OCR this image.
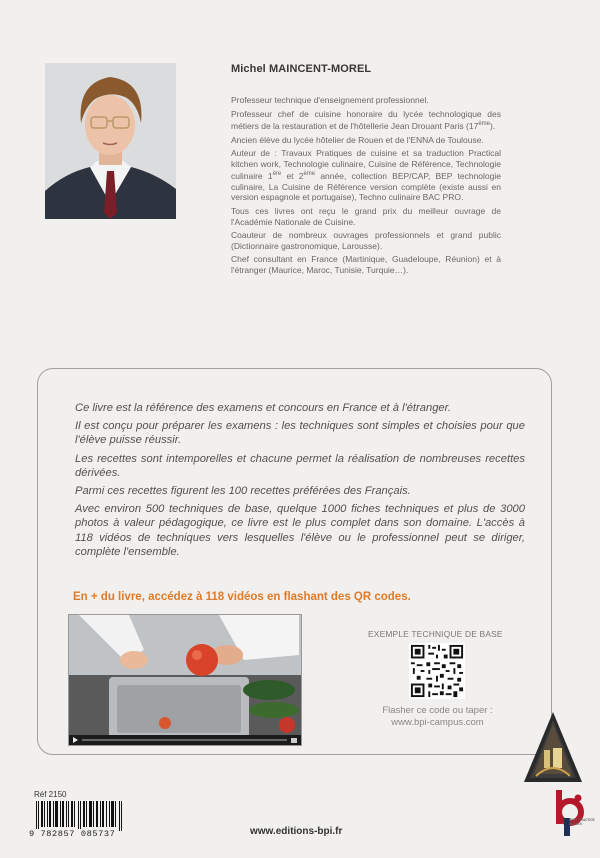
Michel MAINCENT-MOREL

Professeur technique d'enseignement professionnel.

Professeur chef de cuisine honoraire du lycée technologique des métiers de la restauration et de l'hôtellerie Jean Drouant Paris (17ème).

Ancien élève du lycée hôtelier de Rouen et de l'ENNA de Toulouse.

Auteur de : Travaux Pratiques de cuisine et sa traduction Practical kitchen work, Technologie culinaire, Cuisine de Référence, Technologie culinaire 1ère et 2ème année, collection BEP/CAP, BEP technologie culinaire, La Cuisine de Référence version complète (existe aussi en version espagnole et portugaise), Techno culinaire BAC PRO.

Tous ces livres ont reçu le grand prix du meilleur ouvrage de l'Académie Nationale de Cuisine.

Coauteur de nombreux ouvrages professionnels et grand public (Dictionnaire gastronomique, Larousse).

Chef consultant en France (Martinique, Guadeloupe, Réunion) et à l'étranger (Maurice, Maroc, Tunisie, Turquie…).

Ce livre est la référence des examens et concours en France et à l'étranger.

Il est conçu pour préparer les examens : les techniques sont simples et choisies pour que l'élève puisse réussir.

Les recettes sont intemporelles et chacune permet la réalisation de nombreuses recettes dérivées.

Parmi ces recettes figurent les 100 recettes préférées des Français.

Avec environ 500 techniques de base, quelque 1000 fiches techniques et plus de 3000 photos à valeur pédagogique, ce livre est le plus complet dans son domaine. L'accès à 118 vidéos de techniques vers lesquelles l'élève ou le professionnel peut se diriger, complète l'ensemble.

En + du livre, accédez à 118 vidéos en flashant des QR codes.
EXEMPLE TECHNIQUE DE BASE
Flasher ce code ou taper :
www.bpi-campus.com
Réf 2150
9 782857 085737	www.editions-bpi.fr
BEST PRACTICE IMAGES
